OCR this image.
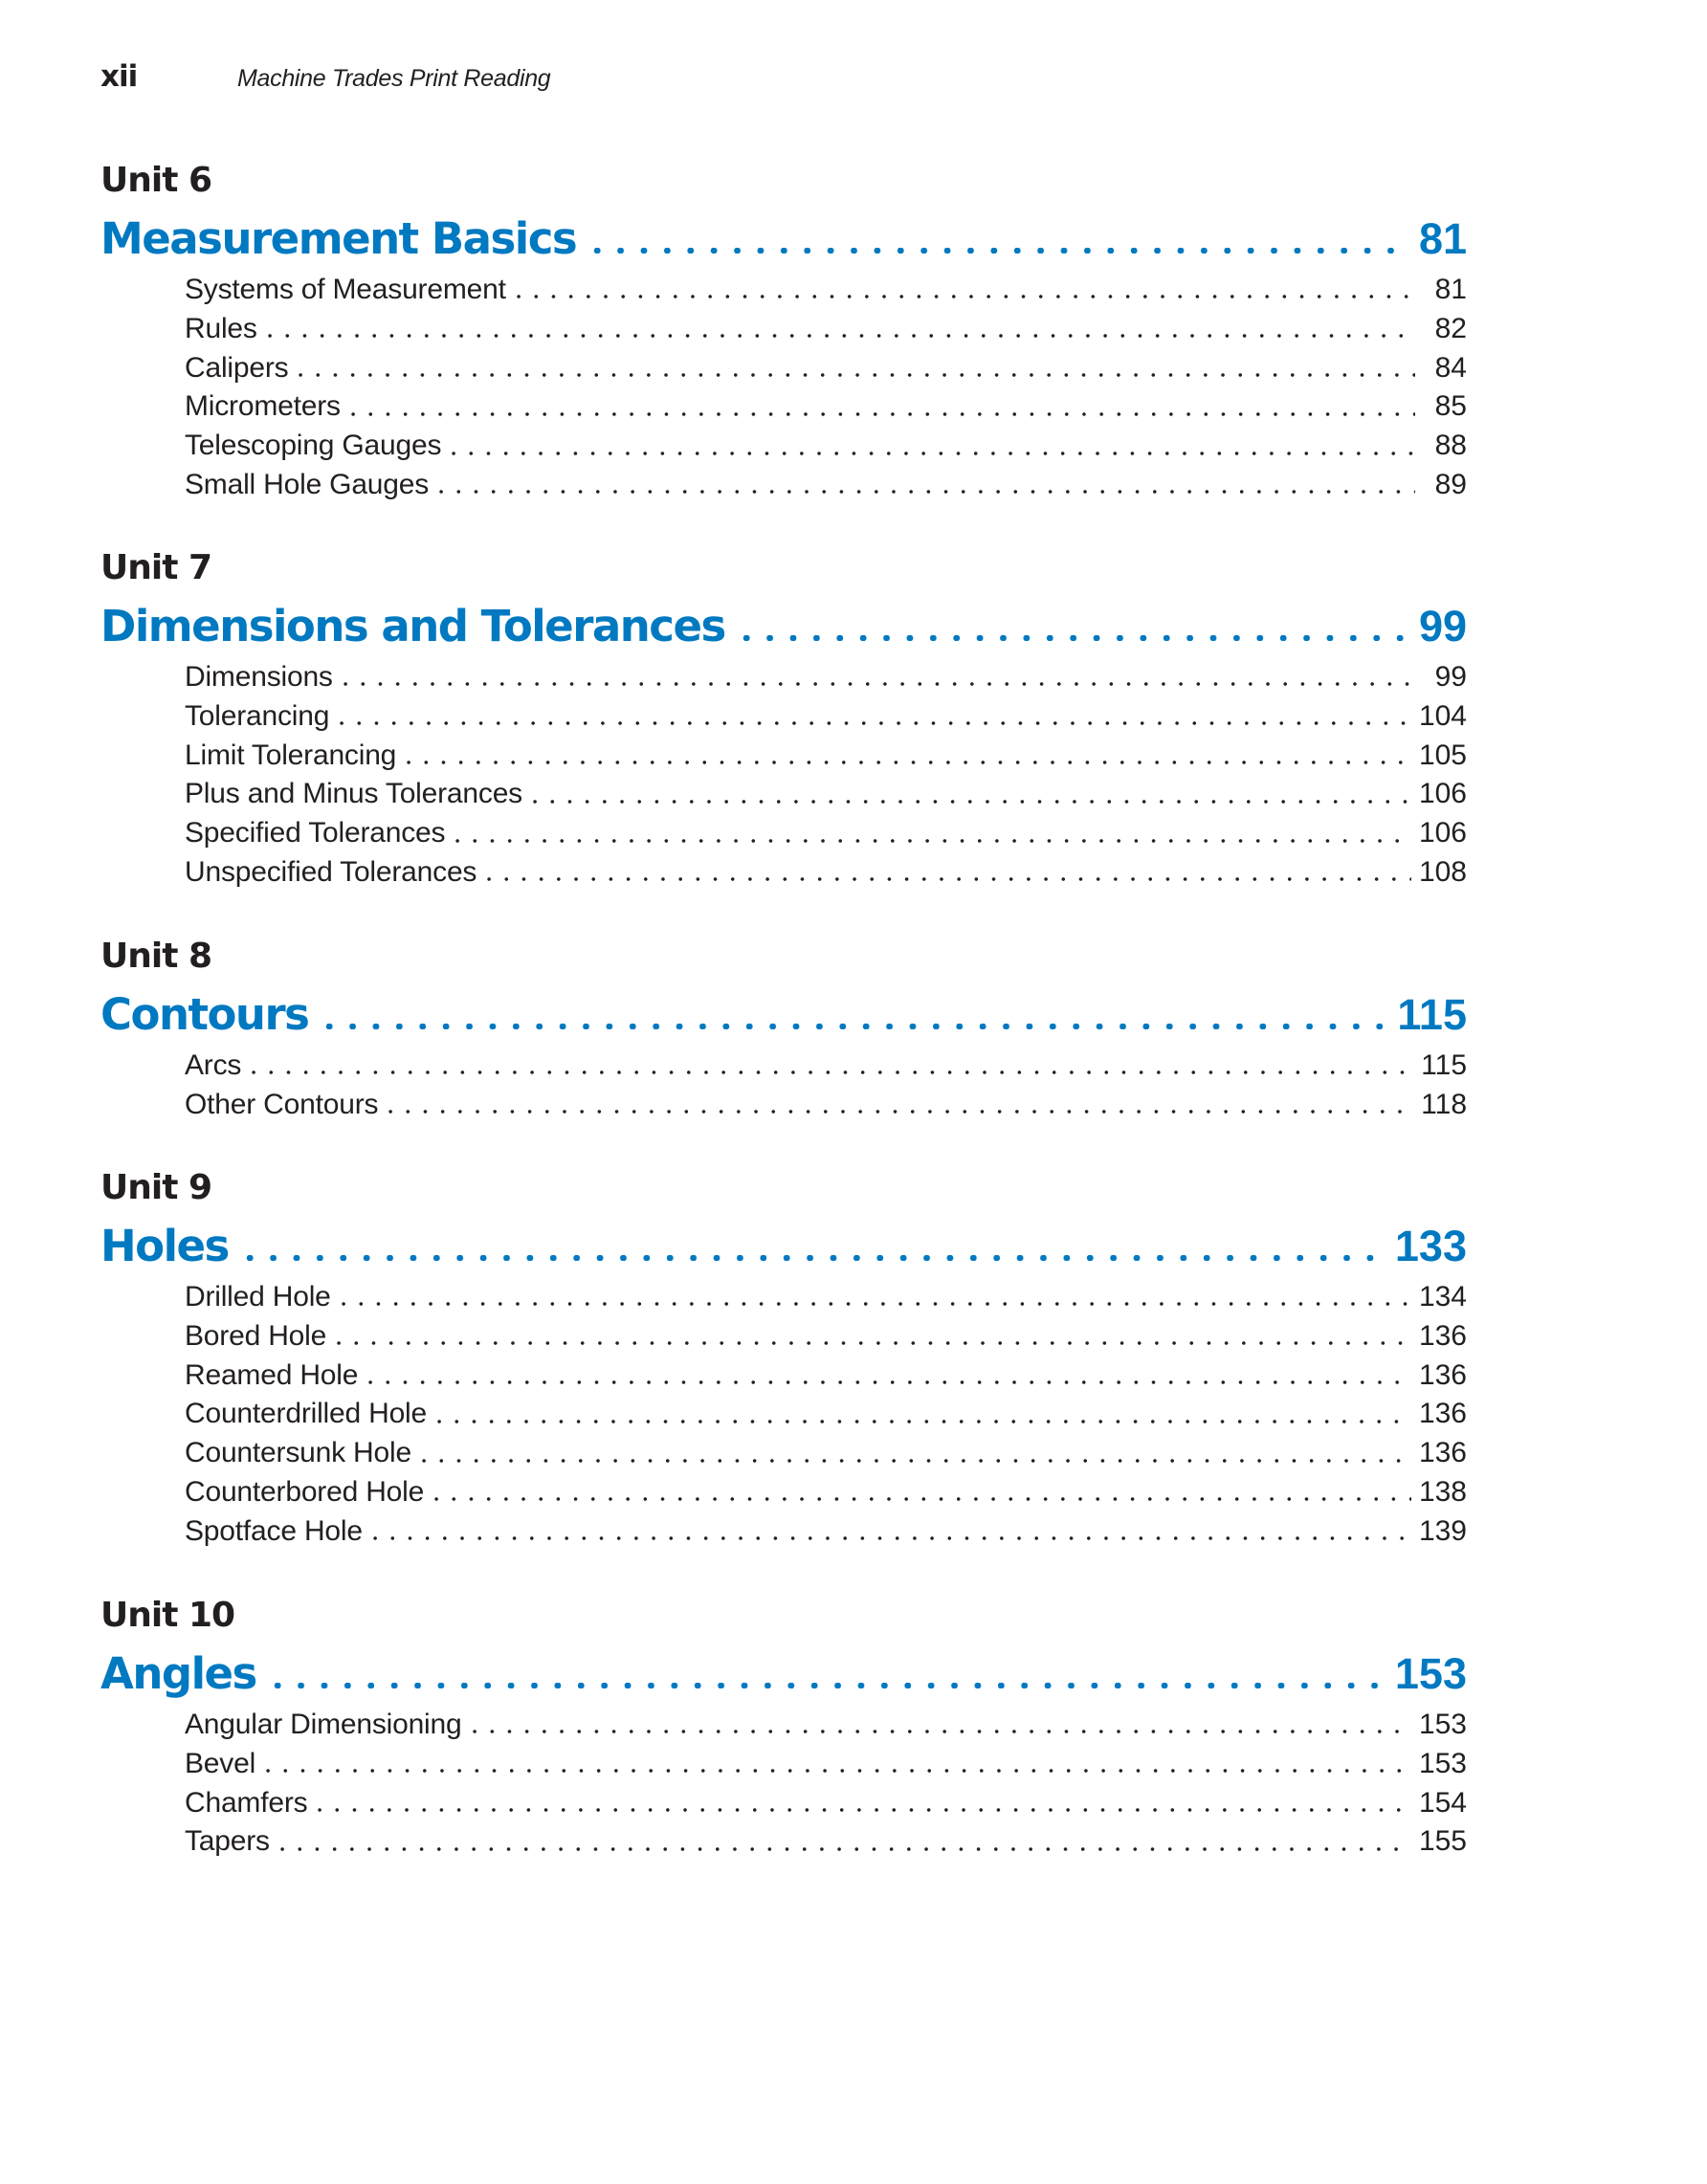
xii	Machine Trades Print Reading
Unit 6
Measurement Basics	81
Systems of Measurement	81
Rules	82
Calipers	84
Micrometers	85
Telescoping Gauges	88
Small Hole Gauges	89
Unit 7
Dimensions and Tolerances	99
Dimensions	99
Tolerancing	104
Limit Tolerancing	105
Plus and Minus Tolerances	106
Specified Tolerances	106
Unspecified Tolerances	108
Unit 8
Contours	115
Arcs	115
Other Contours	118
Unit 9
Holes	133
Drilled Hole	134
Bored Hole	136
Reamed Hole	136
Counterdrilled Hole	136
Countersunk Hole	136
Counterbored Hole	138
Spotface Hole	139
Unit 10
Angles	153
Angular Dimensioning	153
Bevel	153
Chamfers	154
Tapers	155
